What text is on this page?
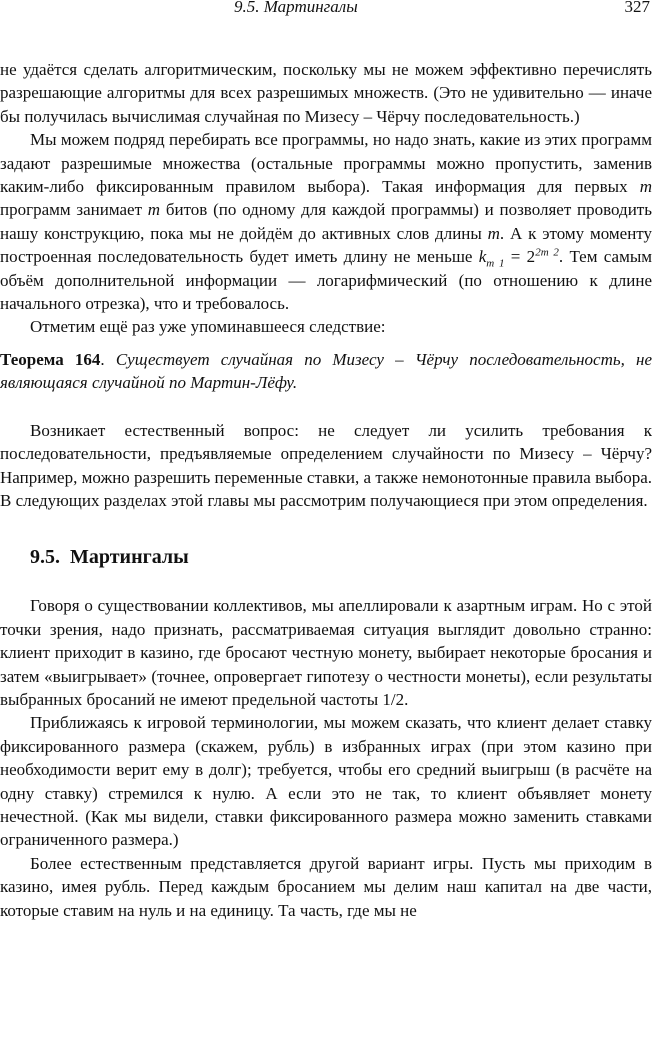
9.5. Мартингалы	327

не удаётся сделать алгоритмическим, поскольку мы не можем эффективно перечислять разрешающие алгоритмы для всех разрешимых множеств. (Это не удивительно — иначе бы получилась вычислимая случайная по Мизесу – Чёрчу последовательность.)

Мы можем подряд перебирать все программы, но надо знать, какие из этих программ задают разрешимые множества (остальные программы можно пропустить, заменив каким-либо фиксированным правилом выбора). Такая информация для первых m программ занимает m битов (по одному для каждой программы) и позволяет проводить нашу конструкцию, пока мы не дойдём до активных слов длины m. А к этому моменту построенная последовательность будет иметь длину не меньше $k_{m 1} = 2^{2m 2}$. Тем самым объём дополнительной информации — логарифмический (по отношению к длине начального отрезка), что и требовалось.

Отметим ещё раз уже упоминавшееся следствие:

Теорема 164. Существует случайная по Мизесу – Чёрчу последовательность, не являющаяся случайной по Мартин-Лёфу.

Возникает естественный вопрос: не следует ли усилить требования к последовательности, предъявляемые определением случайности по Мизесу – Чёрчу? Например, можно разрешить переменные ставки, а также немонотонные правила выбора. В следующих разделах этой главы мы рассмотрим получающиеся при этом определения.

9.5. Мартингалы

Говоря о существовании коллективов, мы апеллировали к азартным играм. Но с этой точки зрения, надо признать, рассматриваемая ситуация выглядит довольно странно: клиент приходит в казино, где бросают честную монету, выбирает некоторые бросания и затем «выигрывает» (точнее, опровергает гипотезу о честности монеты), если результаты выбранных бросаний не имеют предельной частоты 1/2.

Приближаясь к игровой терминологии, мы можем сказать, что клиент делает ставку фиксированного размера (скажем, рубль) в избранных играх (при этом казино при необходимости верит ему в долг); требуется, чтобы его средний выигрыш (в расчёте на одну ставку) стремился к нулю. А если это не так, то клиент объявляет монету нечестной. (Как мы видели, ставки фиксированного размера можно заменить ставками ограниченного размера.)

Более естественным представляется другой вариант игры. Пусть мы приходим в казино, имея рубль. Перед каждым бросанием мы делим наш капитал на две части, которые ставим на нуль и на единицу. Та часть, где мы не
